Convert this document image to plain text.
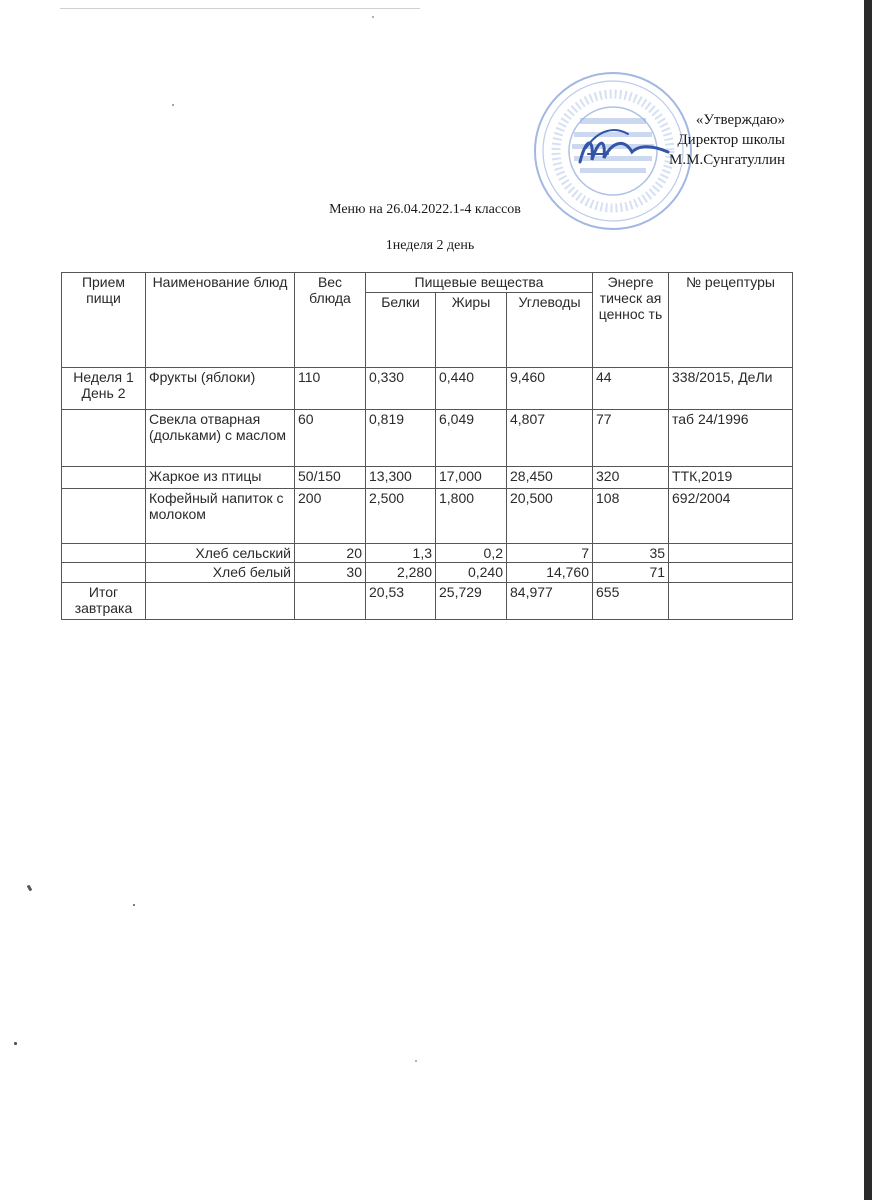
«Утверждаю»
Директор школы
М.М.Сунгатуллин
Меню на 26.04.2022.1-4 классов
1неделя 2 день
Прием пищи	Наименование блюд	Вес блюда	Пищевые вещества			Энерге тическ ая ценнос ть	№ рецептуры
			Белки	Жиры	Углеводы		
Неделя 1 День 2	Фрукты (яблоки)	110	0,330	0,440	9,460	44	338/2015, ДеЛи
	Свекла отварная (дольками) с маслом	60	0,819	6,049	4,807	77	таб 24/1996
	Жаркое из птицы	50/150	13,300	17,000	28,450	320	ТТК,2019
	Кофейный напиток с молоком	200	2,500	1,800	20,500	108	692/2004
	Хлеб сельский	20	1,3	0,2	7	35	
	Хлеб белый	30	2,280	0,240	14,760	71	
Итог завтрака			20,53	25,729	84,977	655	
